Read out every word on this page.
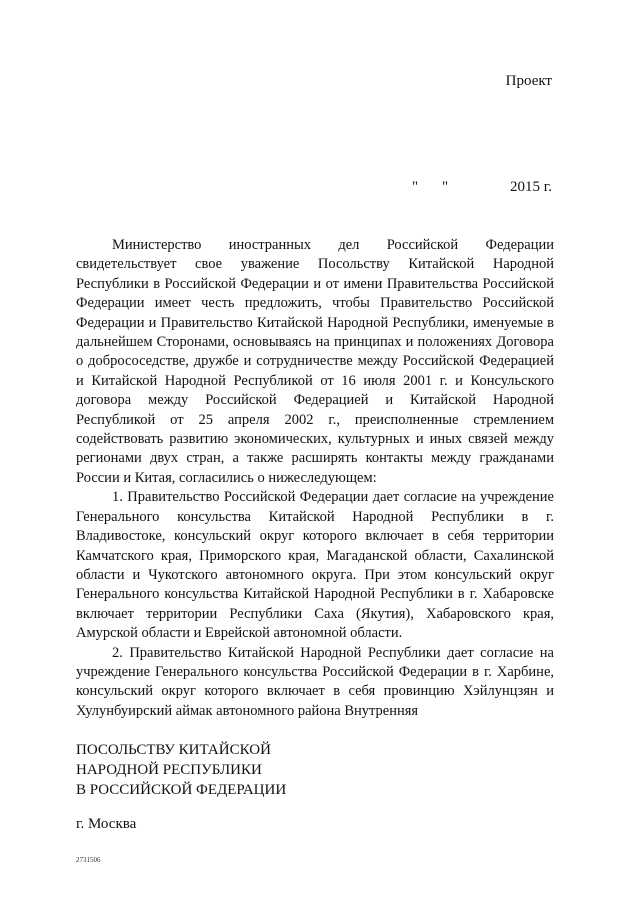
Проект
" "	2015 г.

Министерство иностранных дел Российской Федерации свидетельствует свое уважение Посольству Китайской Народной Республики в Российской Федерации и от имени Правительства Российской Федерации имеет честь предложить, чтобы Правительство Российской Федерации и Правительство Китайской Народной Республики, именуемые в дальнейшем Сторонами, основываясь на принципах и положениях Договора о добрососедстве, дружбе и сотрудничестве между Российской Федерацией и Китайской Народной Республикой от 16 июля 2001 г. и Консульского договора между Российской Федерацией и Китайской Народной Республикой от 25 апреля 2002 г., преисполненные стремлением содействовать развитию экономических, культурных и иных связей между регионами двух стран, а также расширять контакты между гражданами России и Китая, согласились о нижеследующем:

1. Правительство Российской Федерации дает согласие на учреждение Генерального консульства Китайской Народной Республики в г. Владивостоке, консульский округ которого включает в себя территории Камчатского края, Приморского края, Магаданской области, Сахалинской области и Чукотского автономного округа. При этом консульский округ Генерального консульства Китайской Народной Республики в г. Хабаровске включает территории Республики Саха (Якутия), Хабаровского края, Амурской области и Еврейской автономной области.

2. Правительство Китайской Народной Республики дает согласие на учреждение Генерального консульства Российской Федерации в г. Харбине, консульский округ которого включает в себя провинцию Хэйлунцзян и Хулунбуирский аймак автономного района Внутренняя

ПОСОЛЬСТВУ КИТАЙСКОЙ
НАРОДНОЙ РЕСПУБЛИКИ
В РОССИЙСКОЙ ФЕДЕРАЦИИ
г. Москва
2731506
